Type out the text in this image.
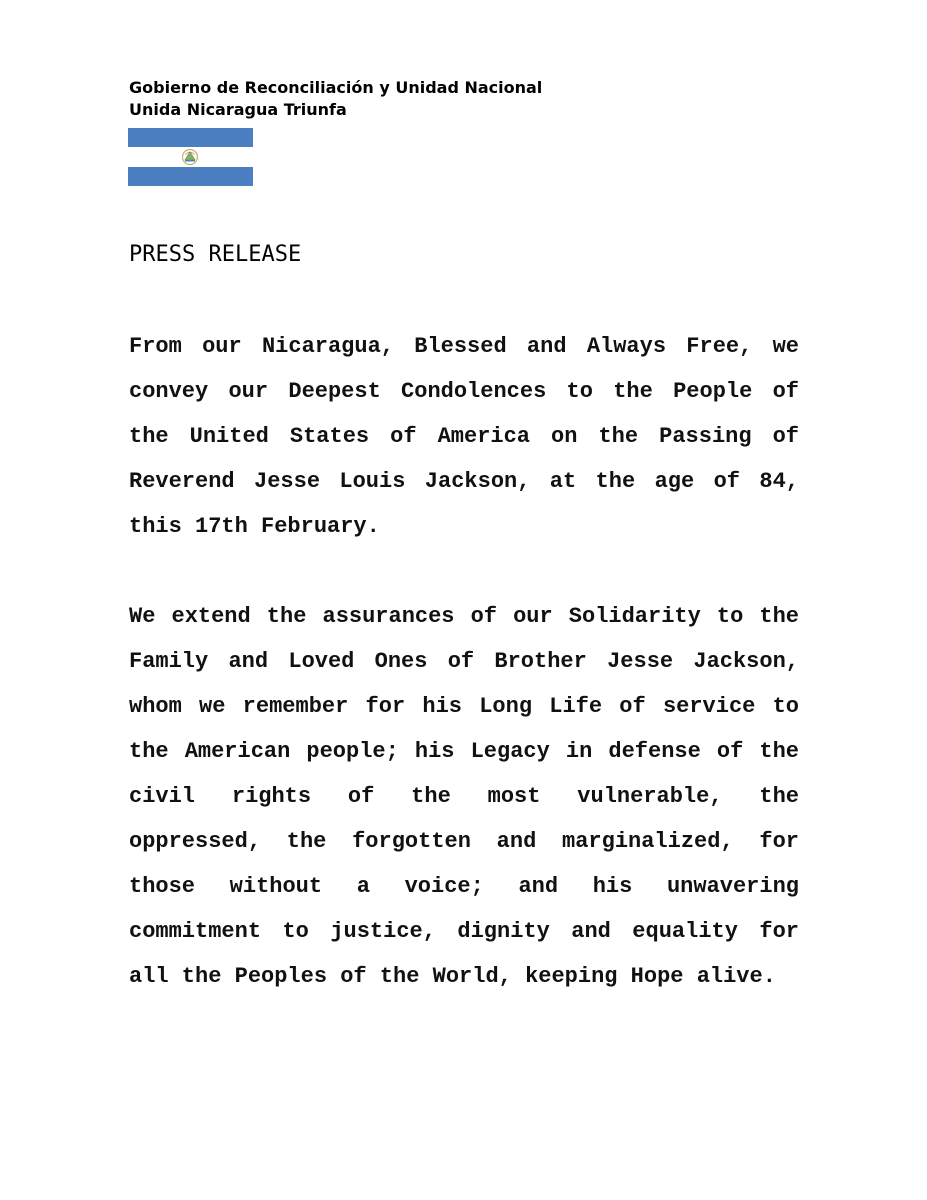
Gobierno de Reconciliación y Unidad Nacional
Unida Nicaragua Triunfa
PRESS RELEASE

From our Nicaragua, Blessed and Always Free, we convey our Deepest Condolences to the People of the United States of America on the Passing of Reverend Jesse Louis Jackson, at the age of 84, this 17th February.

We extend the assurances of our Solidarity to the Family and Loved Ones of Brother Jesse Jackson, whom we remember for his Long Life of service to the American people; his Legacy in defense of the civil rights of the most vulnerable, the oppressed, the forgotten and marginalized, for those without a voice; and his unwavering commitment to justice, dignity and equality for all the Peoples of the World, keeping Hope alive.
